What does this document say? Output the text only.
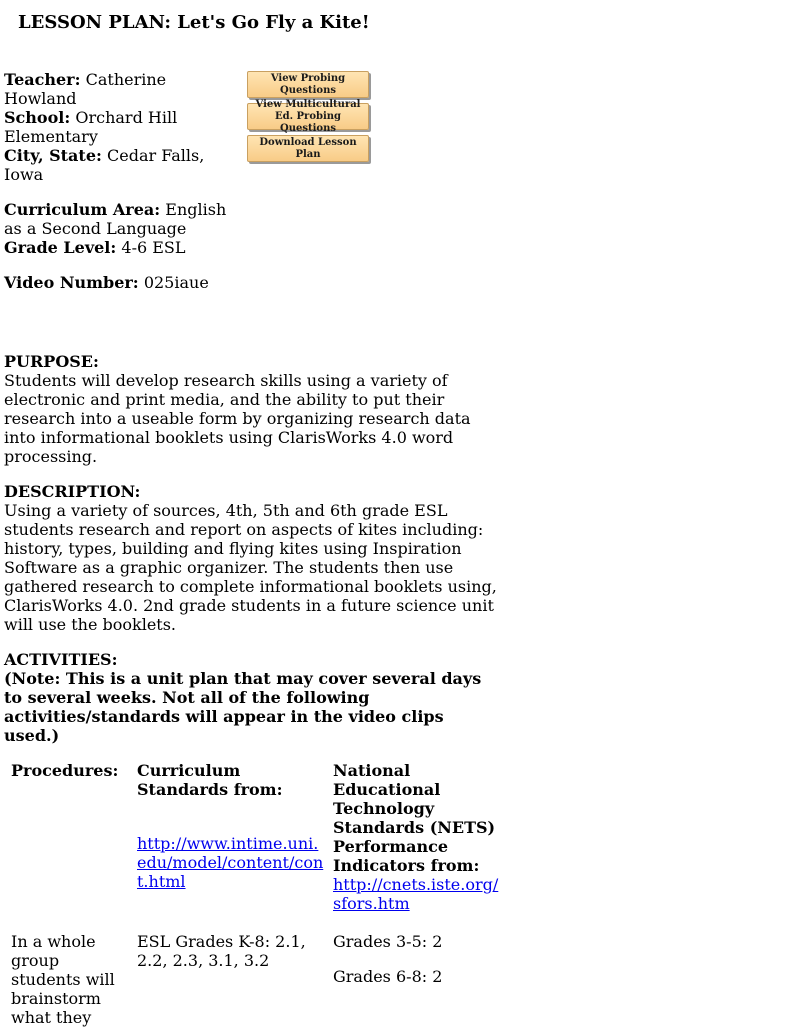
LESSON PLAN: Let's Go Fly a Kite!

Teacher: Catherine Howland

School: Orchard Hill Elementary

City, State: Cedar Falls, Iowa

Curriculum Area: English as a Second Language

Grade Level: 4-6 ESL

Video Number: 025iaue

View Probing Questions
View Multicultural Ed. Probing Questions
Download Lesson Plan

PURPOSE:

Students will develop research skills using a variety of electronic and print media, and the ability to put their research into a useable form by organizing research data into informational booklets using ClarisWorks 4.0 word processing.

DESCRIPTION:

Using a variety of sources, 4th, 5th and 6th grade ESL students research and report on aspects of kites including: history, types, building and flying kites using Inspiration Software as a graphic organizer. The students then use gathered research to complete informational booklets using, ClarisWorks 4.0. 2nd grade students in a future science unit will use the booklets.

ACTIVITIES:

(Note: This is a unit plan that may cover several days to several weeks. Not all of the following activities/standards will appear in the video clips used.)

Procedures:	Curriculum Standards from:
http://www.intime.uni.edu/model/content/cont.html
National Educational Technology Standards (NETS) Performance Indicators from:
http://cnets.iste.org/sfors.htm
In a whole group students will brainstorm what they
ESL Grades K-8: 2.1, 2.2, 2.3, 3.1, 3.2
Grades 3-5: 2
Grades 6-8: 2
